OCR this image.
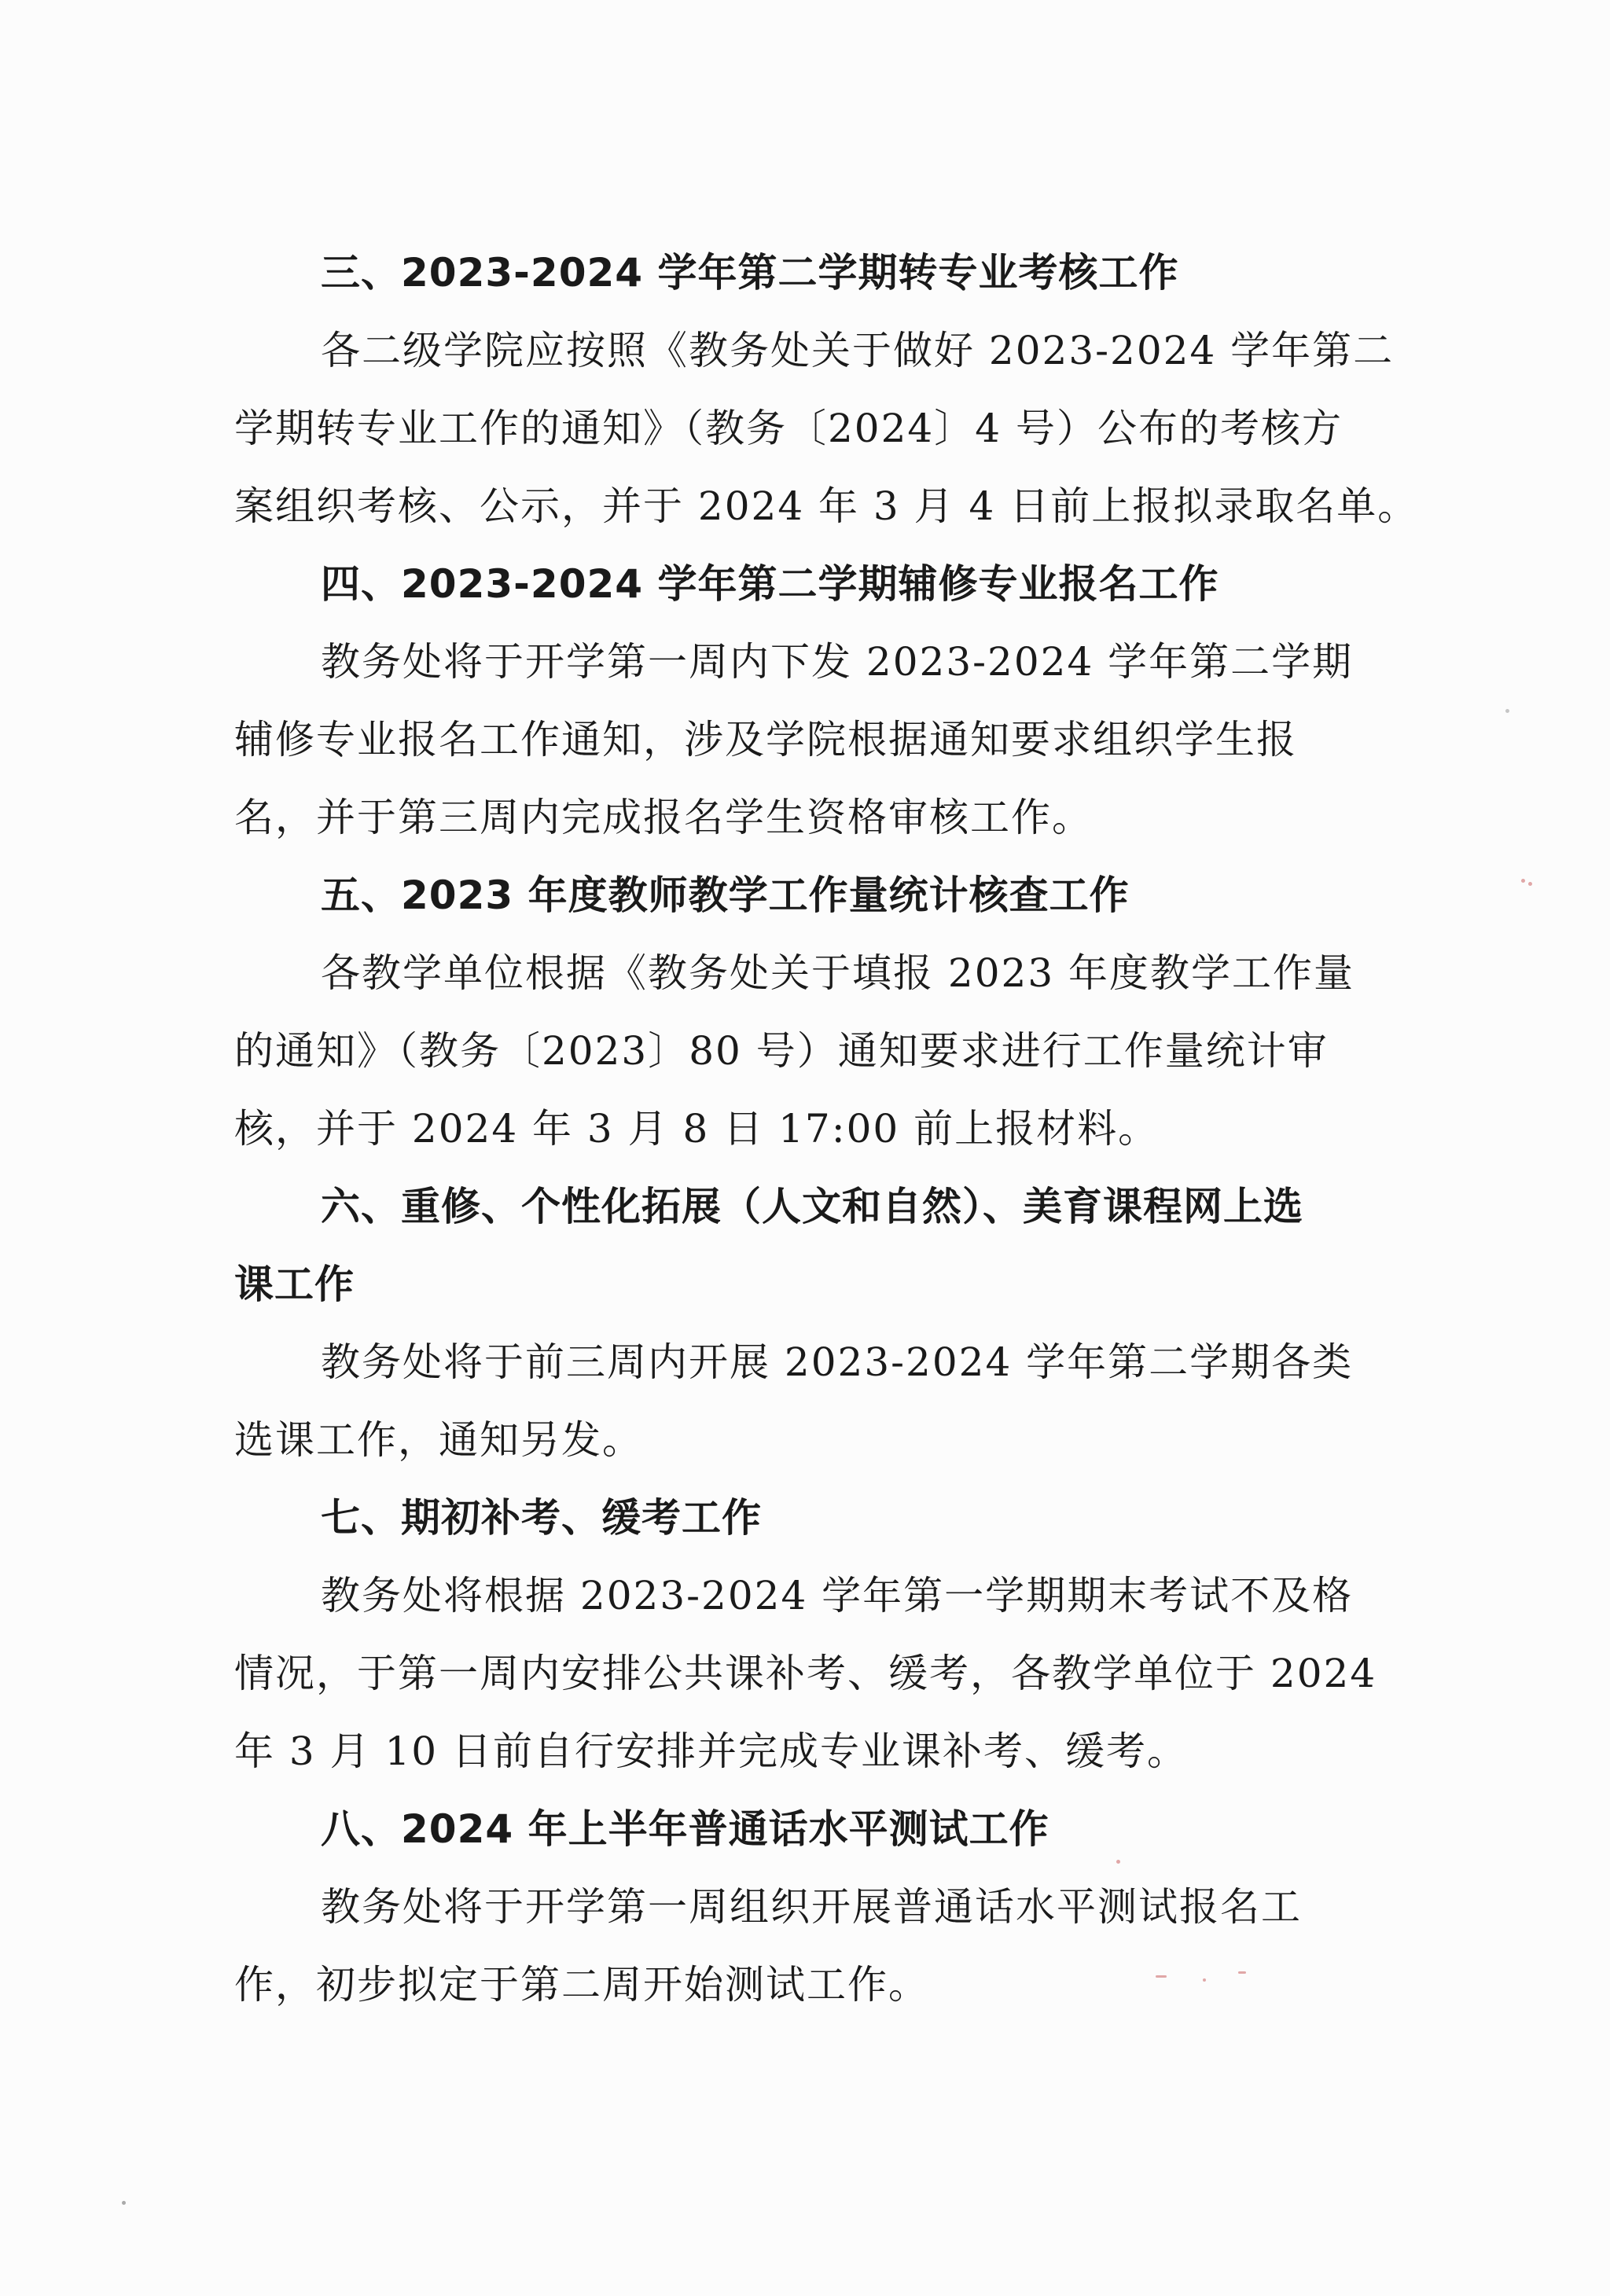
三、2023-2024 学年第二学期转专业考核工作
各二级学院应按照《教务处关于做好 2023-2024 学年第二
学期转专业工作的通知》（教务〔2024〕4 号）公布的考核方
案组织考核、公示，并于 2024 年 3 月 4 日前上报拟录取名单。
四、2023-2024 学年第二学期辅修专业报名工作
教务处将于开学第一周内下发 2023-2024 学年第二学期
辅修专业报名工作通知，涉及学院根据通知要求组织学生报
名，并于第三周内完成报名学生资格审核工作。
五、2023 年度教师教学工作量统计核查工作
各教学单位根据《教务处关于填报 2023 年度教学工作量
的通知》（教务〔2023〕80 号）通知要求进行工作量统计审
核，并于 2024 年 3 月 8 日 17:00 前上报材料。
六、重修、个性化拓展（人文和自然）、美育课程网上选
课工作
教务处将于前三周内开展 2023-2024 学年第二学期各类
选课工作，通知另发。
七、期初补考、缓考工作
教务处将根据 2023-2024 学年第一学期期末考试不及格
情况，于第一周内安排公共课补考、缓考，各教学单位于 2024
年 3 月 10 日前自行安排并完成专业课补考、缓考。
八、2024 年上半年普通话水平测试工作
教务处将于开学第一周组织开展普通话水平测试报名工
作，初步拟定于第二周开始测试工作。
